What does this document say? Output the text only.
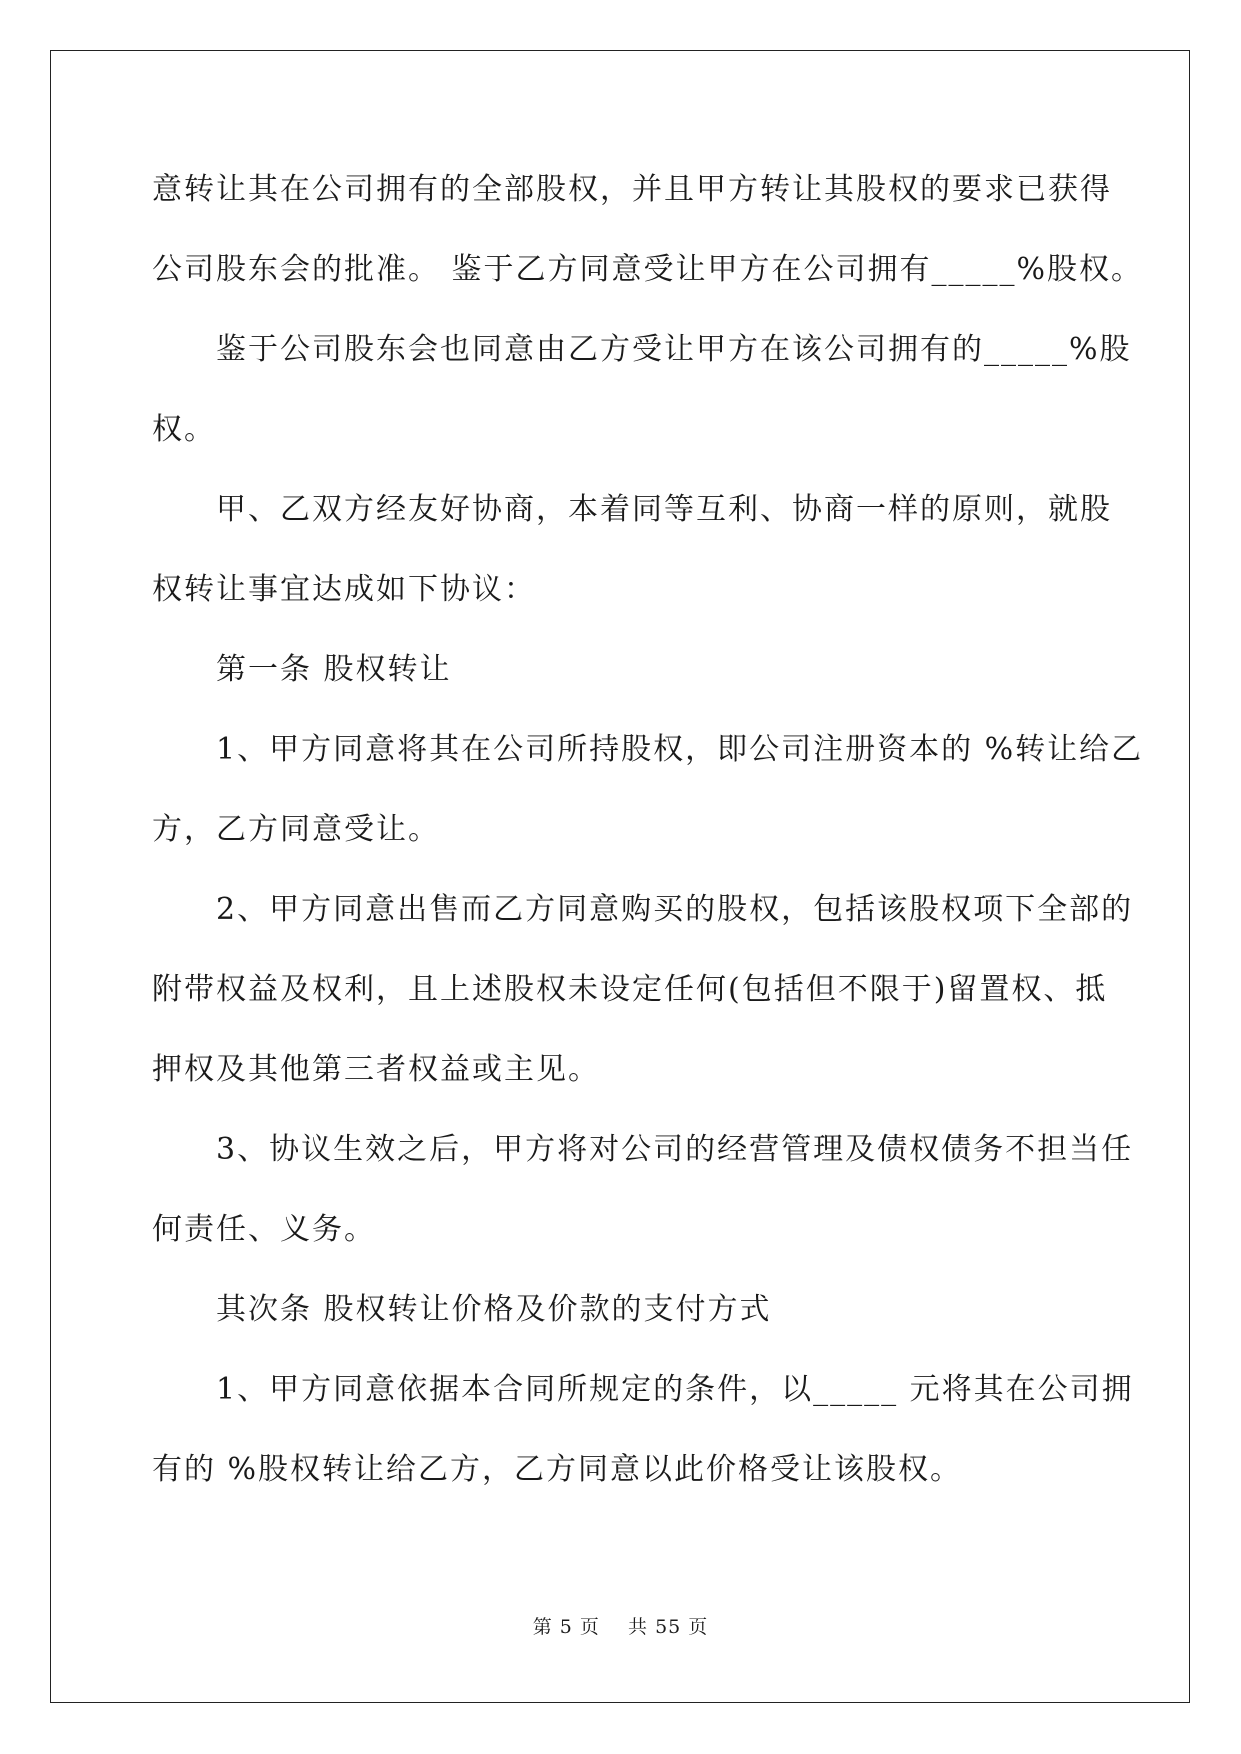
意转让其在公司拥有的全部股权，并且甲方转让其股权的要求已获得
公司股东会的批准。 鉴于乙方同意受让甲方在公司拥有_____%股权。
鉴于公司股东会也同意由乙方受让甲方在该公司拥有的_____%股
权。
甲、乙双方经友好协商，本着同等互利、协商一样的原则，就股
权转让事宜达成如下协议：
第一条 股权转让
1、甲方同意将其在公司所持股权，即公司注册资本的 %转让给乙
方，乙方同意受让。
2、甲方同意出售而乙方同意购买的股权，包括该股权项下全部的
附带权益及权利，且上述股权未设定任何(包括但不限于)留置权、抵
押权及其他第三者权益或主见。
3、协议生效之后，甲方将对公司的经营管理及债权债务不担当任
何责任、义务。
其次条 股权转让价格及价款的支付方式
1、甲方同意依据本合同所规定的条件，以_____ 元将其在公司拥
有的 %股权转让给乙方，乙方同意以此价格受让该股权。
第 5 页    共 55 页
